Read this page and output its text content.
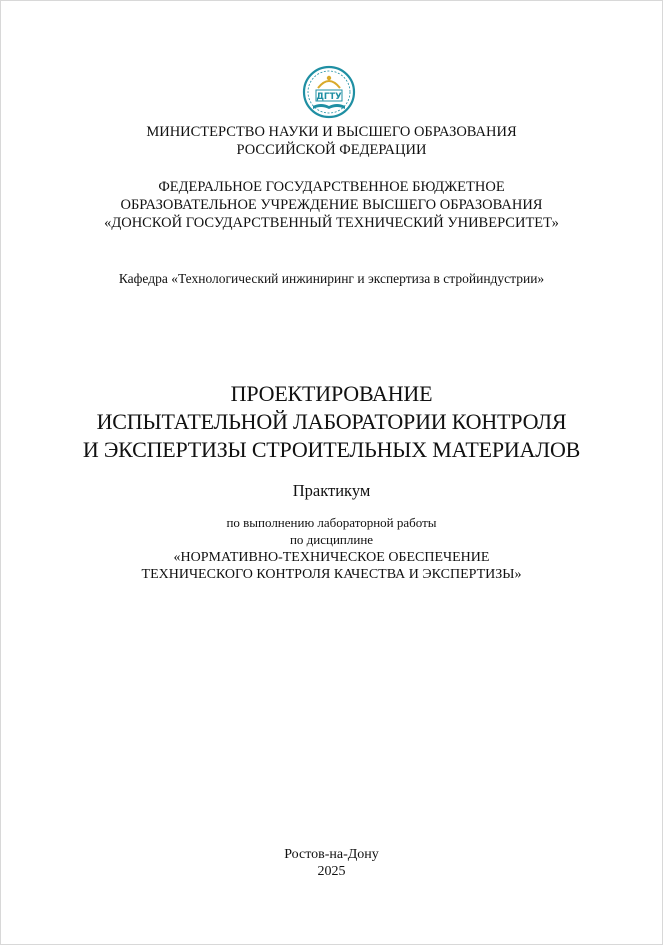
ДГТУ
МИНИСТЕРСТВО НАУКИ И ВЫСШЕГО ОБРАЗОВАНИЯ
РОССИЙСКОЙ ФЕДЕРАЦИИ
ФЕДЕРАЛЬНОЕ ГОСУДАРСТВЕННОЕ БЮДЖЕТНОЕ
ОБРАЗОВАТЕЛЬНОЕ УЧРЕЖДЕНИЕ ВЫСШЕГО ОБРАЗОВАНИЯ
«ДОНСКОЙ ГОСУДАРСТВЕННЫЙ ТЕХНИЧЕСКИЙ УНИВЕРСИТЕТ»
Кафедра «Технологический инжиниринг и экспертиза в стройиндустрии»
ПРОЕКТИРОВАНИЕ
ИСПЫТАТЕЛЬНОЙ ЛАБОРАТОРИИ КОНТРОЛЯ
И ЭКСПЕРТИЗЫ СТРОИТЕЛЬНЫХ МАТЕРИАЛОВ
Практикум
по выполнению лабораторной работы
по дисциплине
«НОРМАТИВНО-ТЕХНИЧЕСКОЕ ОБЕСПЕЧЕНИЕ
ТЕХНИЧЕСКОГО КОНТРОЛЯ КАЧЕСТВА И ЭКСПЕРТИЗЫ»
Ростов-на-Дону
2025
